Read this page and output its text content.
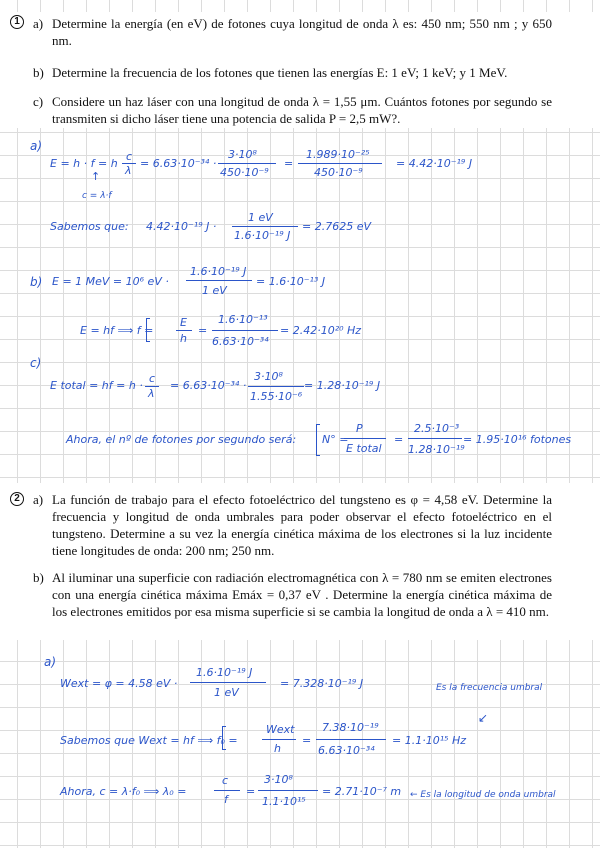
1	a) Determine la energía (en eV) de fotones cuya longitud de onda λ es: 450 nm; 550 nm ; y 650 nm.
b) Determine la frecuencia de los fotones que tienen las energías E: 1 eV; 1 keV; y 1 MeV.
c) Considere un haz láser con una longitud de onda λ = 1,55 μm. Cuántos fotones por segundo se transmiten si dicho láser tiene una potencia de salida P = 2,5 mW?.
a)
E = h · f = h
c
λ
= 6.63·10⁻³⁴ ·
3·10⁸
450·10⁻⁹
=
1.989·10⁻²⁵
450·10⁻⁹
= 4.42·10⁻¹⁹ J
↑
c = λ·f
Sabemos que: 4.42·10⁻¹⁹ J ·
1 eV
1.6·10⁻¹⁹ J
= 2.7625 eV
b) E = 1 MeV = 10⁶ eV ·
1.6·10⁻¹⁹ J
1 eV
= 1.6·10⁻¹³ J
E = hf ⟹ f =
E
h
=
1.6·10⁻¹³
6.63·10⁻³⁴
= 2.42·10²⁰ Hz
c)
E total = hf = h ·
c
λ
= 6.63·10⁻³⁴ ·
3·10⁸
1.55·10⁻⁶
= 1.28·10⁻¹⁹ J
Ahora, el nº de fotones por segundo será: N° =
P
E total
=
2.5·10⁻³
1.28·10⁻¹⁹
= 1.95·10¹⁶ fotones
2	a) La función de trabajo para el efecto fotoeléctrico del tungsteno es φ = 4,58 eV. Determine la frecuencia y longitud de onda umbrales para poder observar el efecto fotoeléctrico en el tungsteno. Determine a su vez la energía cinética máxima de los electrones si la luz incidente tiene longitudes de onda: 200 nm; 250 nm.
b) Al iluminar una superficie con radiación electromagnética con λ = 780 nm se emiten electrones con una energía cinética máxima Emáx = 0,37 eV . Determine la energía cinética máxima de los electrones emitidos por esa misma superficie si se cambia la longitud de onda a λ = 410 nm.
a)
Wext = φ = 4.58 eV ·
1.6·10⁻¹⁹ J
1 eV
= 7.328·10⁻¹⁹ J	Es la frecuencia umbral
↙
Sabemos que Wext = hf ⟹ f₀ =
Wext
h
=
7.38·10⁻¹⁹
6.63·10⁻³⁴
= 1.1·10¹⁵ Hz
Ahora, c = λ·f₀ ⟹ λ₀ =
c
f
=
3·10⁸
1.1·10¹⁵
= 2.71·10⁻⁷ m ← Es la longitud de onda umbral
